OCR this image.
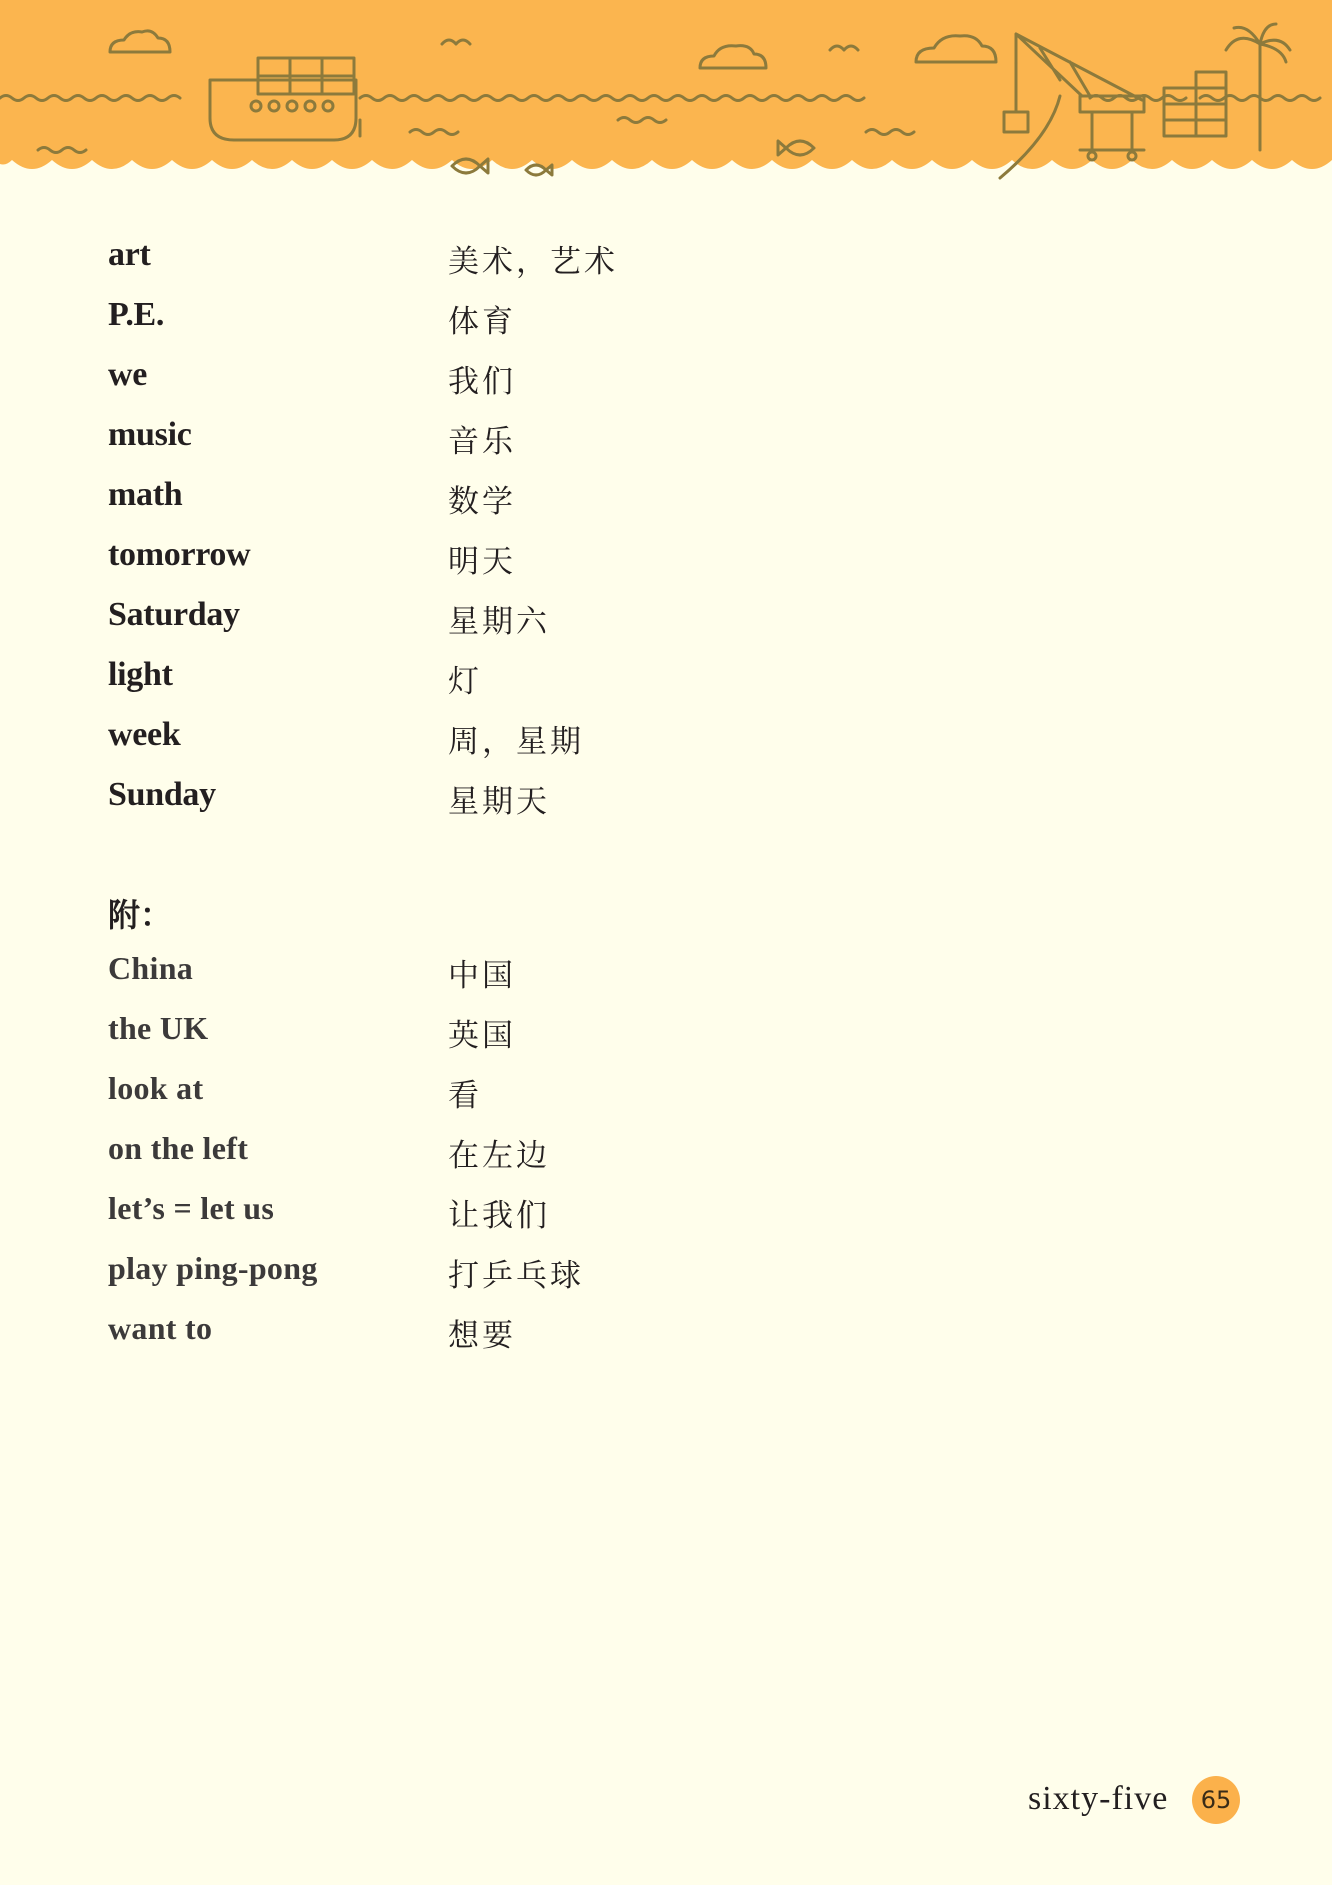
art	美术，艺术
P.E.	体育
we	我们
music	音乐
math	数学
tomorrow	明天
Saturday	星期六
light	灯
week	周，星期
Sunday	星期天
附：
China	中国
the UK	英国
look at	看
on the left	在左边
let’s = let us	让我们
play ping-pong	打乒乓球
want to	想要
sixty-five	65
